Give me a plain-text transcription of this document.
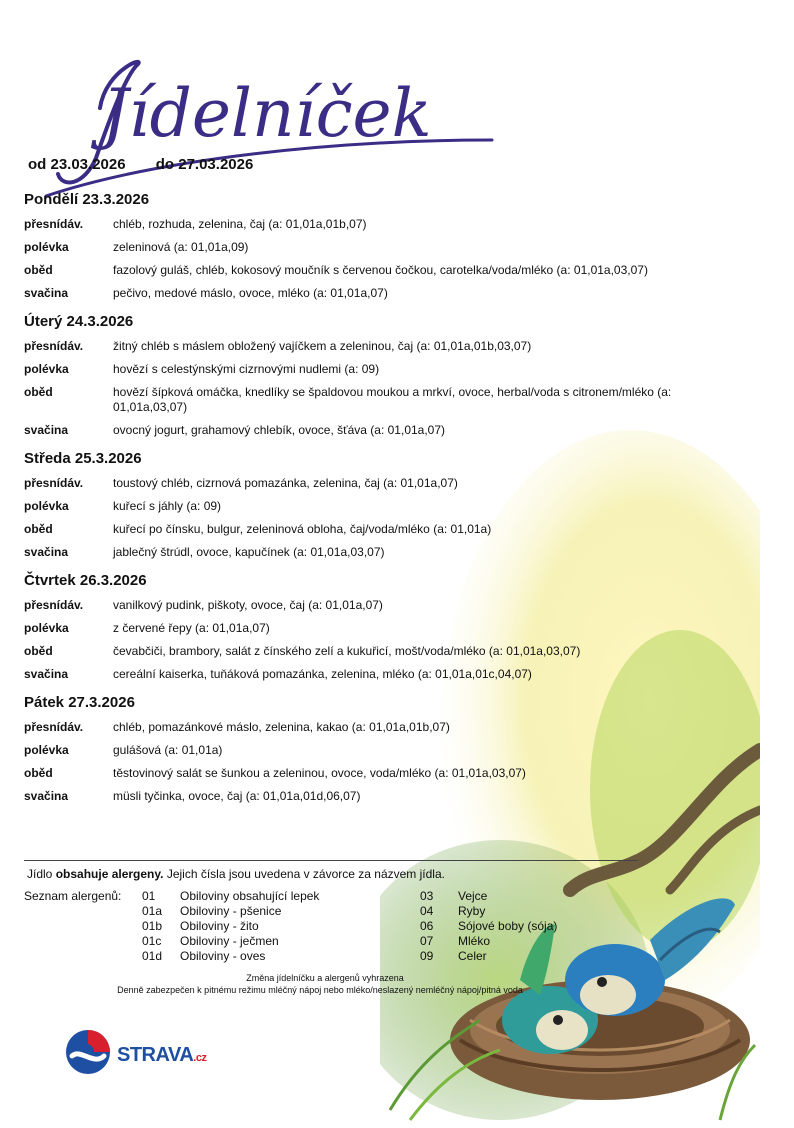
Jídelníček
od 23.03.2026 do 27.03.2026
Pondělí 23.3.2026
přesnídáv.	chléb, rozhuda, zelenina, čaj (a: 01,01a,01b,07)
polévka	zeleninová (a: 01,01a,09)
oběd	fazolový guláš, chléb, kokosový moučník s červenou čočkou, carotelka/voda/mléko (a: 01,01a,03,07)
svačina	pečivo, medové máslo, ovoce, mléko (a: 01,01a,07)
Úterý 24.3.2026
přesnídáv.	žitný chléb s máslem obložený vajíčkem a zeleninou, čaj (a: 01,01a,01b,03,07)
polévka	hovězí s celestýnskými cizrnovými nudlemi (a: 09)
oběd	hovězí šípková omáčka, knedlíky se špaldovou moukou a mrkví, ovoce, herbal/voda s citronem/mléko (a: 01,01a,03,07)
svačina	ovocný jogurt, grahamový chlebík, ovoce, šťáva (a: 01,01a,07)
Středa 25.3.2026
přesnídáv.	toustový chléb, cizrnová pomazánka, zelenina, čaj (a: 01,01a,07)
polévka	kuřecí s jáhly (a: 09)
oběd	kuřecí po čínsku, bulgur, zeleninová obloha, čaj/voda/mléko (a: 01,01a)
svačina	jablečný štrúdl, ovoce, kapučínek (a: 01,01a,03,07)
Čtvrtek 26.3.2026
přesnídáv.	vanilkový pudink, piškoty, ovoce, čaj (a: 01,01a,07)
polévka	z červené řepy (a: 01,01a,07)
oběd	čevabčiči, brambory, salát z čínského zelí a kukuřicí, mošt/voda/mléko (a: 01,01a,03,07)
svačina	cereální kaiserka, tuňáková pomazánka, zelenina, mléko (a: 01,01a,01c,04,07)
Pátek 27.3.2026
přesnídáv.	chléb, pomazánkové máslo, zelenina, kakao (a: 01,01a,01b,07)
polévka	gulášová (a: 01,01a)
oběd	těstovinový salát se šunkou a zeleninou, ovoce, voda/mléko (a: 01,01a,03,07)
svačina	müsli tyčinka, ovoce, čaj (a: 01,01a,01d,06,07)
Jídlo obsahuje alergeny. Jejich čísla jsou uvedena v závorce za názvem jídla.
Seznam alergenů: 01	Obiloviny obsahující lepek
01a	Obiloviny - pšenice
01b	Obiloviny - žito
01c	Obiloviny - ječmen
01d	Obiloviny - oves
03	Vejce
04	Ryby
06	Sójové boby (sója)
07	Mléko
09	Celer
Změna jídelníčku a alergenů vyhrazena
Denně zabezpečen k pitnému režimu mléčný nápoj nebo mléko/neslazený nemléčný nápoj/pitná voda
STRAVA.cz
